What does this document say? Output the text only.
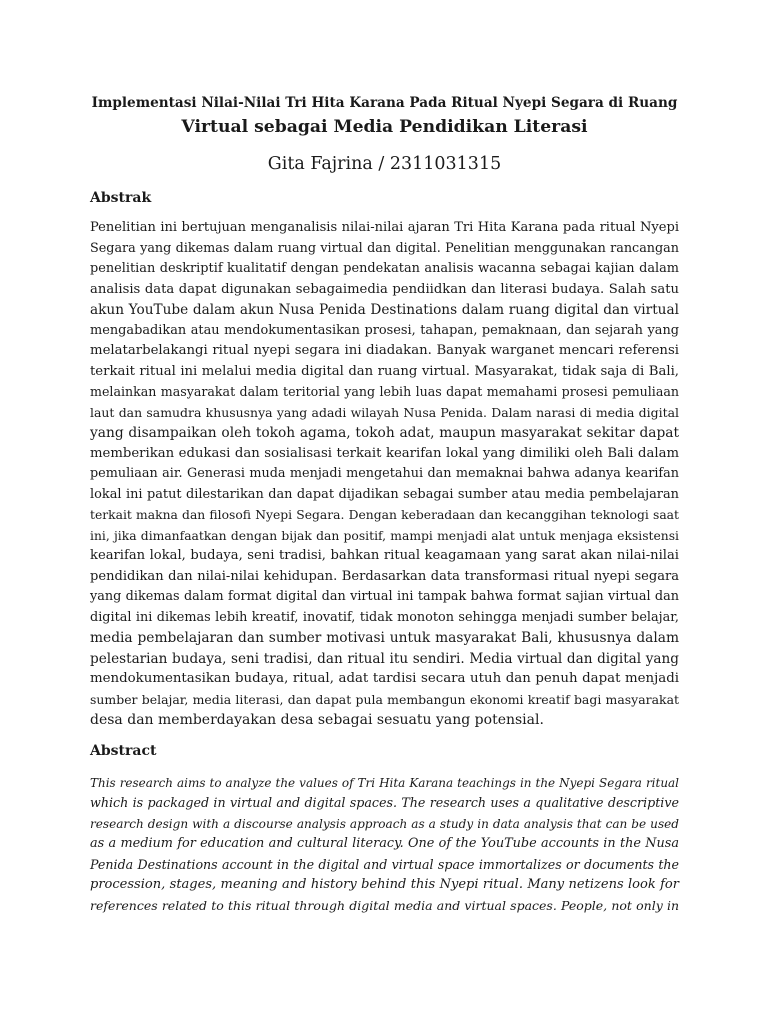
Implementasi Nilai-Nilai Tri Hita Karana Pada Ritual Nyepi Segara di Ruang
Virtual sebagai Media Pendidikan Literasi

Gita Fajrina / 2311031315

Abstrak

Penelitian ini bertujuan menganalisis nilai-nilai ajaran Tri Hita Karana pada ritual Nyepi
Segara yang dikemas dalam ruang virtual dan digital. Penelitian menggunakan rancangan
penelitian deskriptif kualitatif dengan pendekatan analisis wacanna sebagai kajian dalam
analisis data dapat digunakan sebagaimedia pendiidkan dan literasi budaya. Salah satu
akun YouTube dalam akun Nusa Penida Destinations dalam ruang digital dan virtual
mengabadikan atau mendokumentasikan prosesi, tahapan, pemaknaan, dan sejarah yang
melatarbelakangi ritual nyepi segara ini diadakan. Banyak warganet mencari referensi
terkait ritual ini melalui media digital dan ruang virtual. Masyarakat, tidak saja di Bali,
melainkan masyarakat dalam teritorial yang lebih luas dapat memahami prosesi pemuliaan
laut dan samudra khususnya yang adadi wilayah Nusa Penida. Dalam narasi di media digital
yang disampaikan oleh tokoh agama, tokoh adat, maupun masyarakat sekitar dapat
memberikan edukasi dan sosialisasi terkait kearifan lokal yang dimiliki oleh Bali dalam
pemuliaan air. Generasi muda menjadi mengetahui dan memaknai bahwa adanya kearifan
lokal ini patut dilestarikan dan dapat dijadikan sebagai sumber atau media pembelajaran
terkait makna dan filosofi Nyepi Segara. Dengan keberadaan dan kecanggihan teknologi saat
ini, jika dimanfaatkan dengan bijak dan positif, mampi menjadi alat untuk menjaga eksistensi
kearifan lokal, budaya, seni tradisi, bahkan ritual keagamaan yang sarat akan nilai-nilai
pendidikan dan nilai-nilai kehidupan. Berdasarkan data transformasi ritual nyepi segara
yang dikemas dalam format digital dan virtual ini tampak bahwa format sajian virtual dan
digital ini dikemas lebih kreatif, inovatif, tidak monoton sehingga menjadi sumber belajar,
media pembelajaran dan sumber motivasi untuk masyarakat Bali, khususnya dalam
pelestarian budaya, seni tradisi, dan ritual itu sendiri. Media virtual dan digital yang
mendokumentasikan budaya, ritual, adat tardisi secara utuh dan penuh dapat menjadi
sumber belajar, media literasi, dan dapat pula membangun ekonomi kreatif bagi masyarakat
desa dan memberdayakan desa sebagai sesuatu yang potensial.

Abstract

This research aims to analyze the values of Tri Hita Karana teachings in the Nyepi Segara ritual
which is packaged in virtual and digital spaces. The research uses a qualitative descriptive
research design with a discourse analysis approach as a study in data analysis that can be used
as a medium for education and cultural literacy. One of the YouTube accounts in the Nusa
Penida Destinations account in the digital and virtual space immortalizes or documents the
procession, stages, meaning and history behind this Nyepi ritual. Many netizens look for
references related to this ritual through digital media and virtual spaces. People, not only in
